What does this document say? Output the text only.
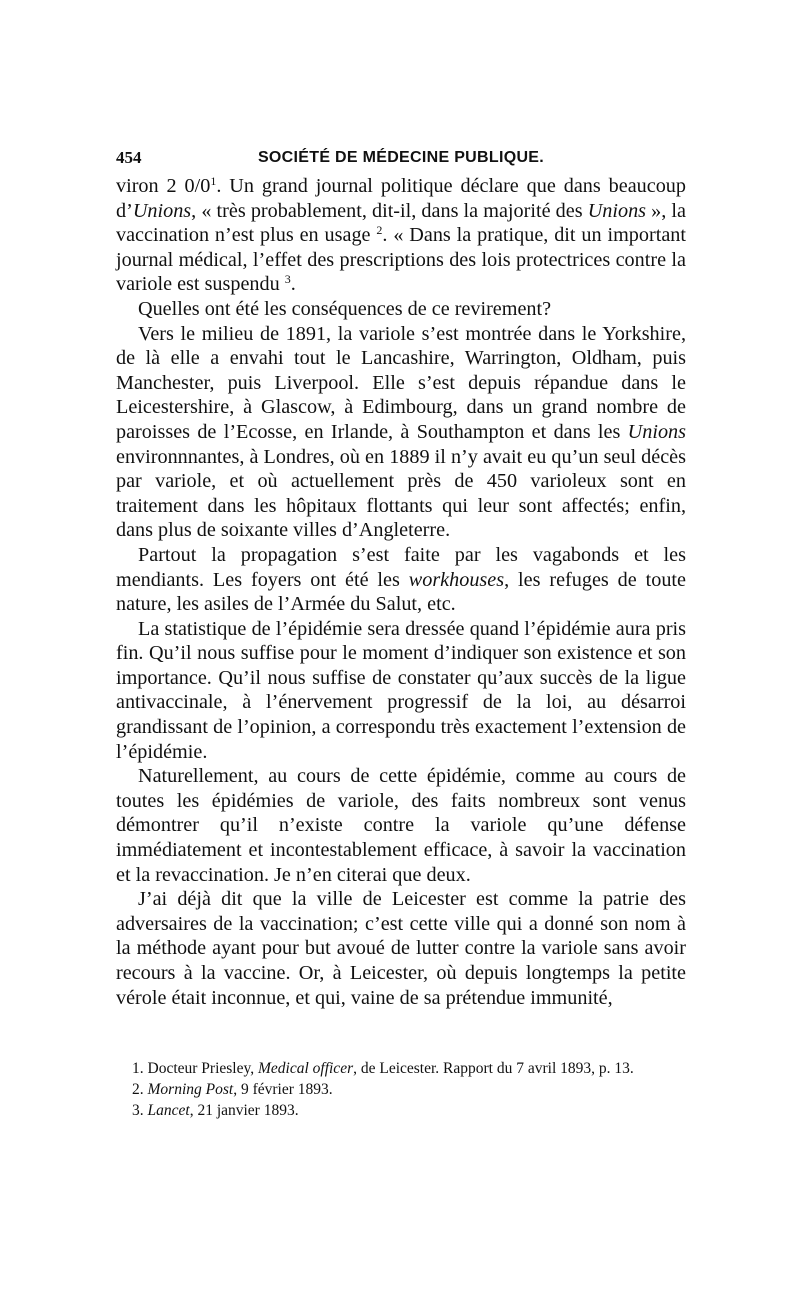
454	SOCIÉTÉ DE MÉDECINE PUBLIQUE.

viron 2 0/0$^1$. Un grand journal politique déclare que dans beaucoup d’Unions, « très probablement, dit-il, dans la majorité des Unions », la vaccination n’est plus en usage $^2$. « Dans la pratique, dit un important journal médical, l’effet des prescriptions des lois protectrices contre la variole est suspendu $^3$.

Quelles ont été les conséquences de ce revirement?

Vers le milieu de 1891, la variole s’est montrée dans le Yorkshire, de là elle a envahi tout le Lancashire, Warrington, Oldham, puis Manchester, puis Liverpool. Elle s’est depuis répandue dans le Leicestershire, à Glascow, à Edimbourg, dans un grand nombre de paroisses de l’Ecosse, en Irlande, à Southampton et dans les Unions environnnantes, à Londres, où en 1889 il n’y avait eu qu’un seul décès par variole, et où actuellement près de 450 varioleux sont en traitement dans les hôpitaux flottants qui leur sont affectés; enfin, dans plus de soixante villes d’Angleterre.

Partout la propagation s’est faite par les vagabonds et les mendiants. Les foyers ont été les workhouses, les refuges de toute nature, les asiles de l’Armée du Salut, etc.

La statistique de l’épidémie sera dressée quand l’épidémie aura pris fin. Qu’il nous suffise pour le moment d’indiquer son existence et son importance. Qu’il nous suffise de constater qu’aux succès de la ligue antivaccinale, à l’énervement progressif de la loi, au désarroi grandissant de l’opinion, a correspondu très exactement l’extension de l’épidémie.

Naturellement, au cours de cette épidémie, comme au cours de toutes les épidémies de variole, des faits nombreux sont venus démontrer qu’il n’existe contre la variole qu’une défense immédiatement et incontestablement efficace, à savoir la vaccination et la revaccination. Je n’en citerai que deux.

J’ai déjà dit que la ville de Leicester est comme la patrie des adversaires de la vaccination; c’est cette ville qui a donné son nom à la méthode ayant pour but avoué de lutter contre la variole sans avoir recours à la vaccine. Or, à Leicester, où depuis longtemps la petite vérole était inconnue, et qui, vaine de sa prétendue immunité,

1. Docteur Priesley, Medical officer, de Leicester. Rapport du 7 avril 1893, p. 13.

2. Morning Post, 9 février 1893.

3. Lancet, 21 janvier 1893.
